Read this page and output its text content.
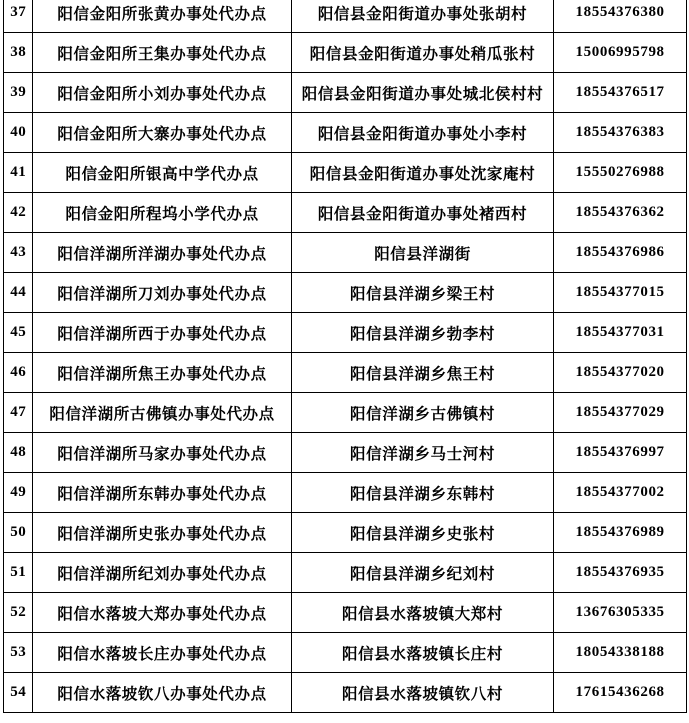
37	阳信金阳所张黄办事处代办点	阳信县金阳街道办事处张胡村	18554376380
38	阳信金阳所王集办事处代办点	阳信县金阳街道办事处稍瓜张村	15006995798
39	阳信金阳所小刘办事处代办点	阳信县金阳街道办事处城北侯村村	18554376517
40	阳信金阳所大寨办事处代办点	阳信县金阳街道办事处小李村	18554376383
41	阳信金阳所银高中学代办点	阳信县金阳街道办事处沈家庵村	15550276988
42	阳信金阳所程坞小学代办点	阳信县金阳街道办事处褚西村	18554376362
43	阳信洋湖所洋湖办事处代办点	阳信县洋湖街	18554376986
44	阳信洋湖所刀刘办事处代办点	阳信县洋湖乡梁王村	18554377015
45	阳信洋湖所西于办事处代办点	阳信县洋湖乡勃李村	18554377031
46	阳信洋湖所焦王办事处代办点	阳信县洋湖乡焦王村	18554377020
47	阳信洋湖所古佛镇办事处代办点	阳信洋湖乡古佛镇村	18554377029
48	阳信洋湖所马家办事处代办点	阳信洋湖乡马士河村	18554376997
49	阳信洋湖所东韩办事处代办点	阳信县洋湖乡东韩村	18554377002
50	阳信洋湖所史张办事处代办点	阳信县洋湖乡史张村	18554376989
51	阳信洋湖所纪刘办事处代办点	阳信县洋湖乡纪刘村	18554376935
52	阳信水落坡大郑办事处代办点	阳信县水落坡镇大郑村	13676305335
53	阳信水落坡长庄办事处代办点	阳信县水落坡镇长庄村	18054338188
54	阳信水落坡钦八办事处代办点	阳信县水落坡镇钦八村	17615436268
